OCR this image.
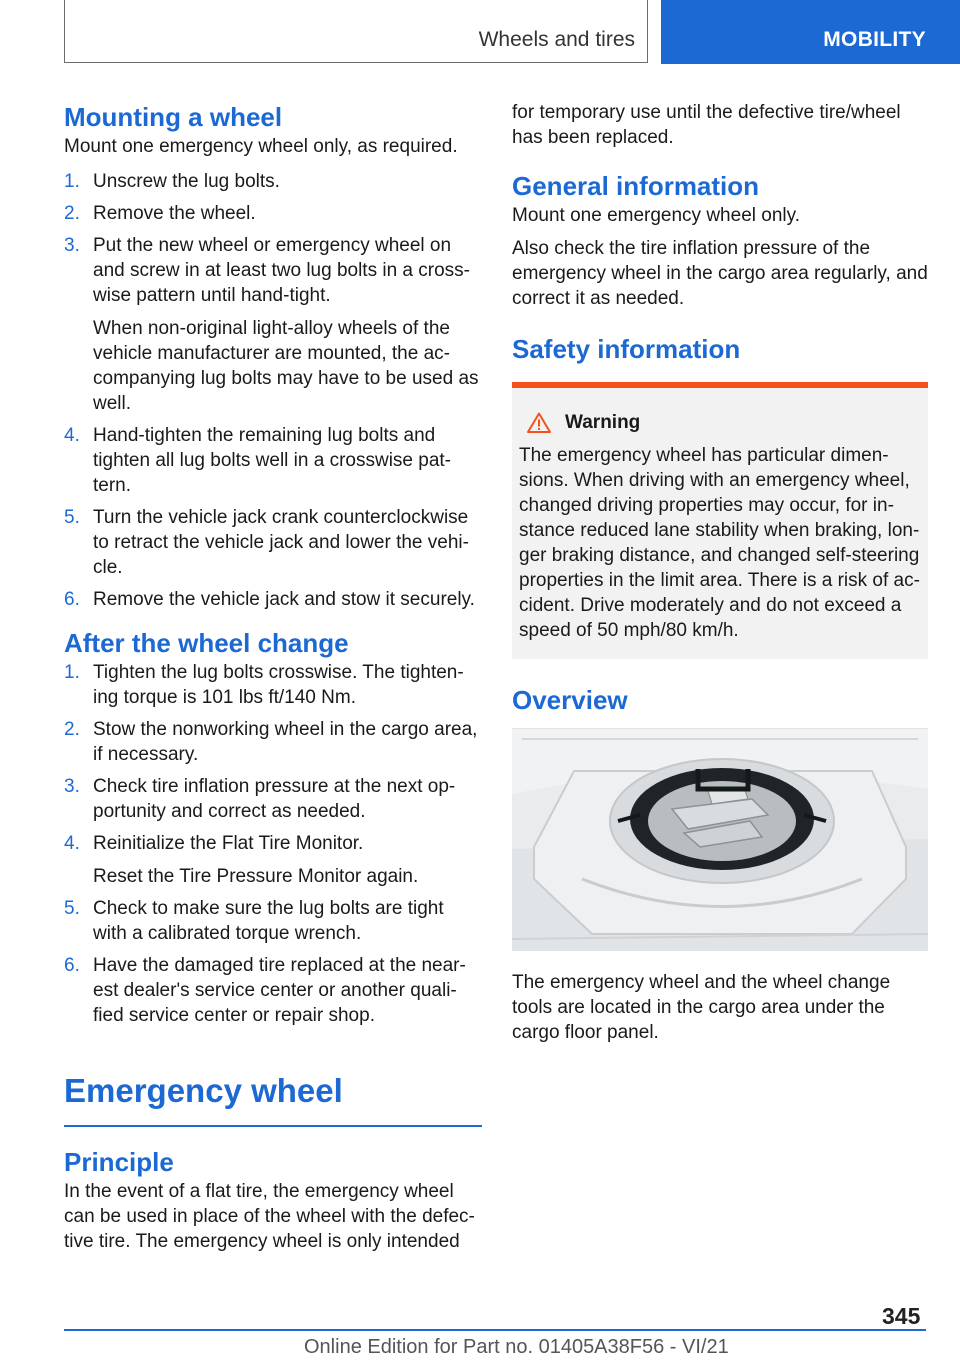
Wheels and tires	MOBILITY
Mounting a wheel

Mount one emergency wheel only, as required.

1. Unscrew the lug bolts.
2. Remove the wheel.
3. Put the new wheel or emergency wheel on and screw in at least two lug bolts in a cross‐wise pattern until hand-tight.
When non-original light-alloy wheels of the vehicle manufacturer are mounted, the ac‐companying lug bolts may have to be used as well.
4. Hand-tighten the remaining lug bolts and tighten all lug bolts well in a crosswise pat‐tern.
5. Turn the vehicle jack crank counterclockwise to retract the vehicle jack and lower the vehi‐cle.
6. Remove the vehicle jack and stow it securely.
After the wheel change
1. Tighten the lug bolts crosswise. The tighten‐ing torque is 101 lbs ft/140 Nm.
2. Stow the nonworking wheel in the cargo area, if necessary.
3. Check tire inflation pressure at the next op‐portunity and correct as needed.
4. Reinitialize the Flat Tire Monitor.
Reset the Tire Pressure Monitor again.
5. Check to make sure the lug bolts are tight with a calibrated torque wrench.
6. Have the damaged tire replaced at the near‐est dealer's service center or another quali‐fied service center or repair shop.
Emergency wheel
Principle

In the event of a flat tire, the emergency wheel can be used in place of the wheel with the defec‐tive tire. The emergency wheel is only intended

for temporary use until the defective tire/wheel has been replaced.

General information

Mount one emergency wheel only.

Also check the tire inflation pressure of the emergency wheel in the cargo area regularly, and correct it as needed.

Safety information
Warning

The emergency wheel has particular dimen‐sions. When driving with an emergency wheel, changed driving properties may occur, for in‐stance reduced lane stability when braking, lon‐ger braking distance, and changed self-steering properties in the limit area. There is a risk of ac‐cident. Drive moderately and do not exceed a speed of 50 mph/80 km/h.

Overview

The emergency wheel and the wheel change tools are located in the cargo area under the cargo floor panel.

345
Online Edition for Part no. 01405A38F56 - VI/21
